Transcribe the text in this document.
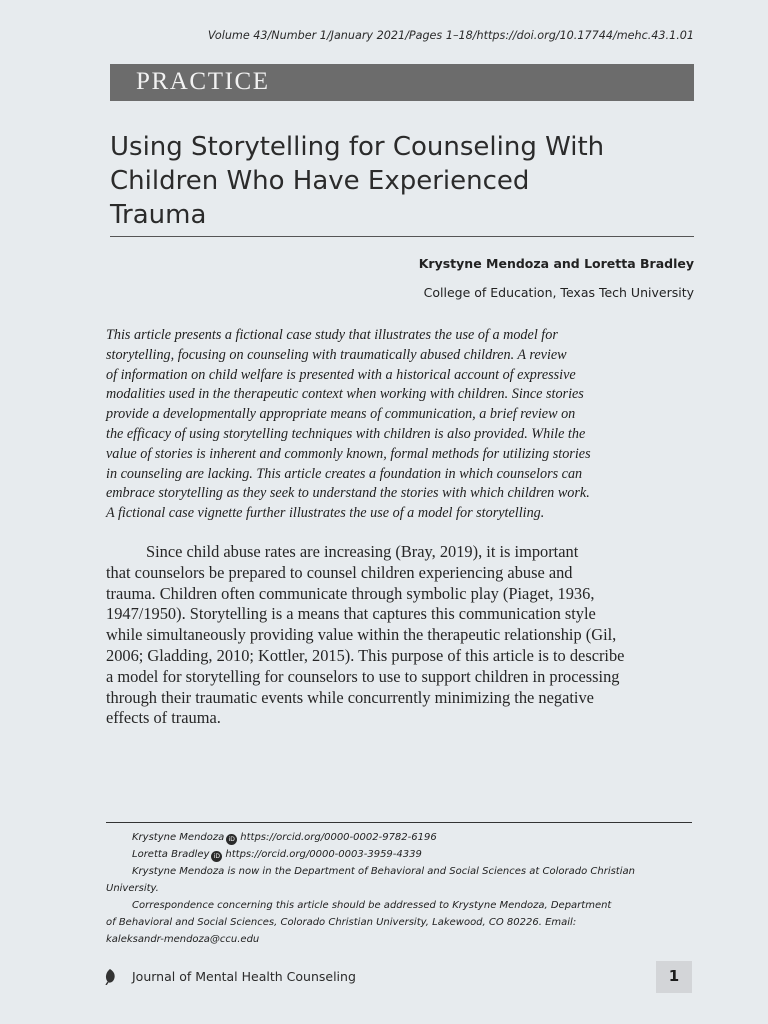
Volume 43/Number 1/January 2021/Pages 1–18/https://doi.org/10.17744/mehc.43.1.01
PRACTICE
Using Storytelling for Counseling With
Children Who Have Experienced
Trauma
Krystyne Mendoza and Loretta Bradley
College of Education, Texas Tech University
This article presents a fictional case study that illustrates the use of a model for
storytelling, focusing on counseling with traumatically abused children. A review
of information on child welfare is presented with a historical account of expressive
modalities used in the therapeutic context when working with children. Since stories
provide a developmentally appropriate means of communication, a brief review on
the efficacy of using storytelling techniques with children is also provided. While the
value of stories is inherent and commonly known, formal methods for utilizing stories
in counseling are lacking. This article creates a foundation in which counselors can
embrace storytelling as they seek to understand the stories with which children work.
A fictional case vignette further illustrates the use of a model for storytelling.
Since child abuse rates are increasing (Bray, 2019), it is important
that counselors be prepared to counsel children experiencing abuse and
trauma. Children often communicate through symbolic play (Piaget, 1936,
1947/1950). Storytelling is a means that captures this communication style
while simultaneously providing value within the therapeutic relationship (Gil,
2006; Gladding, 2010; Kottler, 2015). This purpose of this article is to describe
a model for storytelling for counselors to use to support children in processing
through their traumatic events while concurrently minimizing the negative
effects of trauma.
Krystyne Mendoza iD https://orcid.org/0000-0002-9782-6196
Loretta Bradley iD https://orcid.org/0000-0003-3959-4339
Krystyne Mendoza is now in the Department of Behavioral and Social Sciences at Colorado Christian
University.
Correspondence concerning this article should be addressed to Krystyne Mendoza, Department
of Behavioral and Social Sciences, Colorado Christian University, Lakewood, CO 80226. Email:
kaleksandr-mendoza@ccu.edu
Journal of Mental Health Counseling	1
